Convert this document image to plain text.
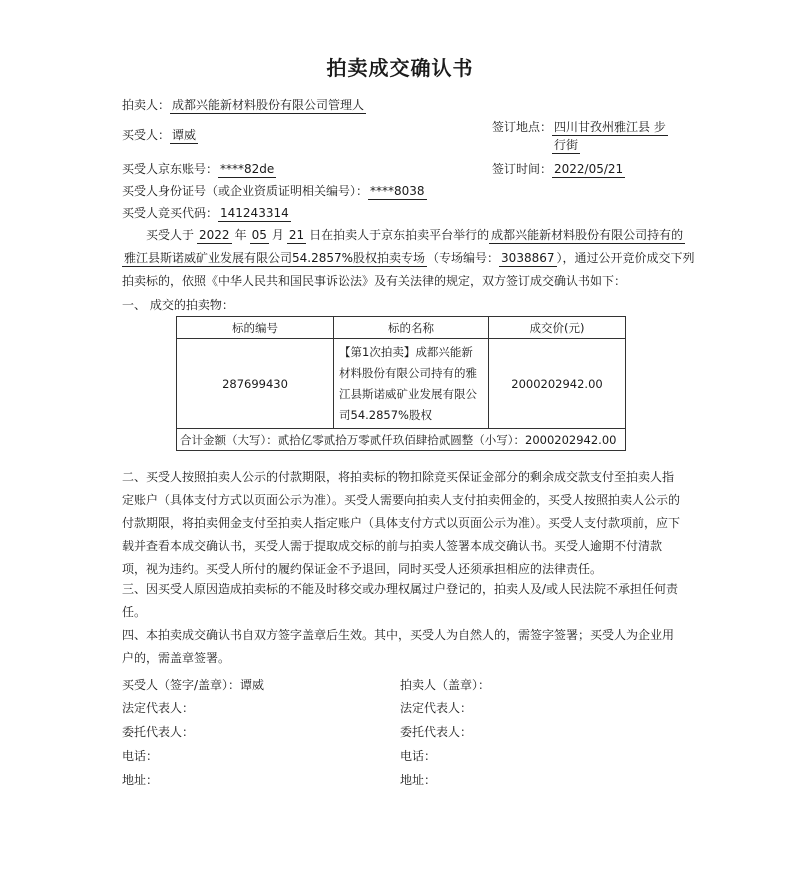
拍卖成交确认书
拍卖人： 成都兴能新材料股份有限公司管理人
买受人： 谭威
签订地点： 四川甘孜州雅江县 步
行街
买受人京东账号： ****82de	签订时间： 2022/05/21
买受人身份证号（或企业资质证明相关编号）： ****8038
买受人竞买代码： 141243314
买受人于 2022 年 05 月 21 日在拍卖人于京东拍卖平台举行的 成都兴能新材料股份有限公司持有的
雅江县斯诺威矿业发展有限公司54.2857%股权拍卖专场 （专场编号： 3038867 ），通过公开竞价成交下列
拍卖标的，依照《中华人民共和国民事诉讼法》及有关法律的规定，双方签订成交确认书如下：
一、 成交的拍卖物：
标的编号	标的名称	成交价(元)
287699430	【第1次拍卖】成都兴能新材料股份有限公司持有的雅江县斯诺威矿业发展有限公司54.2857%股权	2000202942.00
合计金额（大写）：贰拾亿零贰拾万零贰仟玖佰肆拾贰圆整（小写）：2000202942.00		
二、买受人按照拍卖人公示的付款期限，将拍卖标的物扣除竞买保证金部分的剩余成交款支付至拍卖人指定账户（具体支付方式以页面公示为准）。买受人需要向拍卖人支付拍卖佣金的，买受人按照拍卖人公示的付款期限，将拍卖佣金支付至拍卖人指定账户（具体支付方式以页面公示为准）。买受人支付款项前，应下载并查看本成交确认书，买受人需于提取成交标的前与拍卖人签署本成交确认书。买受人逾期不付清款项，视为违约。买受人所付的履约保证金不予退回，同时买受人还须承担相应的法律责任。
三、因买受人原因造成拍卖标的不能及时移交或办理权属过户登记的，拍卖人及/或人民法院不承担任何责任。
四、本拍卖成交确认书自双方签字盖章后生效。其中，买受人为自然人的，需签字签署；买受人为企业用户的，需盖章签署。
买受人（签字/盖章）：谭威
法定代表人：
委托代表人：
电话：
地址：
拍卖人（盖章）：
法定代表人：
委托代表人：
电话：
地址：
